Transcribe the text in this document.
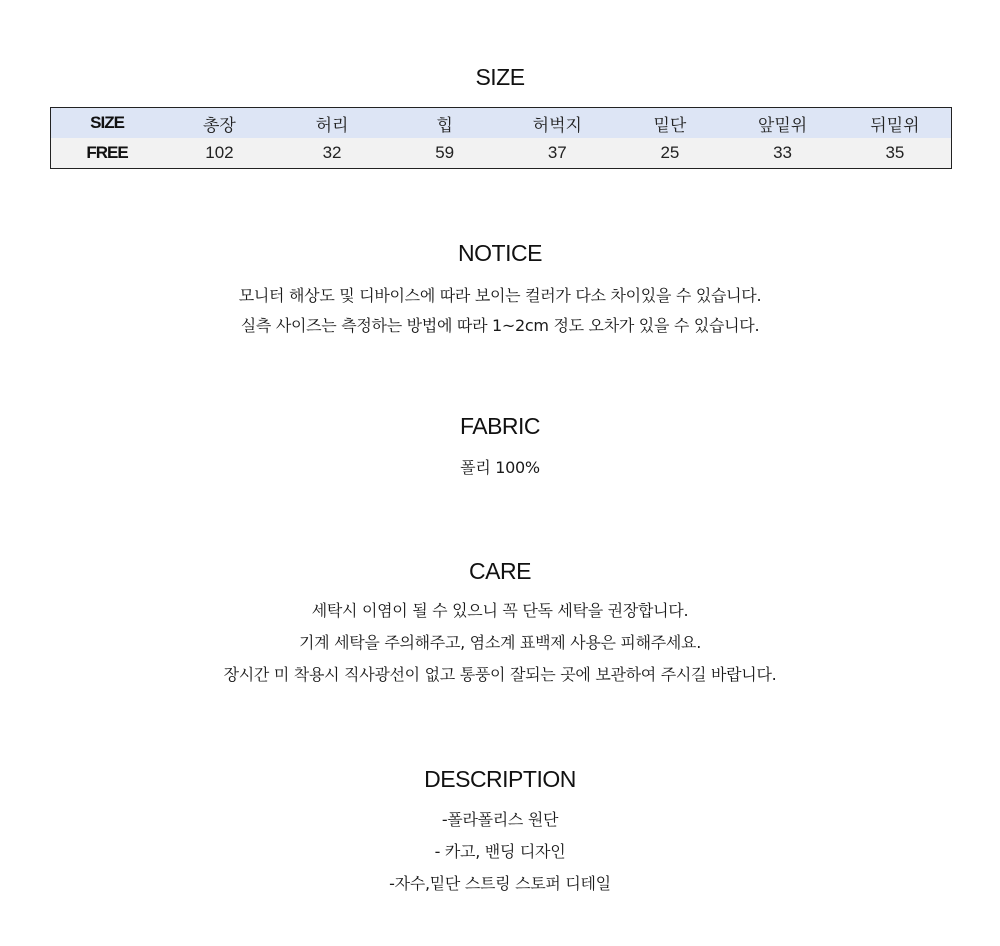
SIZE
SIZE	총장	허리	힙	허벅지	밑단	앞밑위	뒤밑위
FREE	102	32	59	37	25	33	35
NOTICE

모니터 해상도 및 디바이스에 따라 보이는 컬러가 다소 차이있을 수 있습니다.

실측 사이즈는 측정하는 방법에 따라 1~2cm 정도 오차가 있을 수 있습니다.

FABRIC

폴리 100%

CARE

세탁시 이염이 될 수 있으니 꼭 단독 세탁을 권장합니다.

기계 세탁을 주의해주고, 염소계 표백제 사용은 피해주세요.

장시간 미 착용시 직사광선이 없고 통풍이 잘되는 곳에 보관하여 주시길 바랍니다.

DESCRIPTION

-폴라폴리스 원단

- 카고, 밴딩 디자인

-자수,밑단 스트링 스토퍼 디테일
